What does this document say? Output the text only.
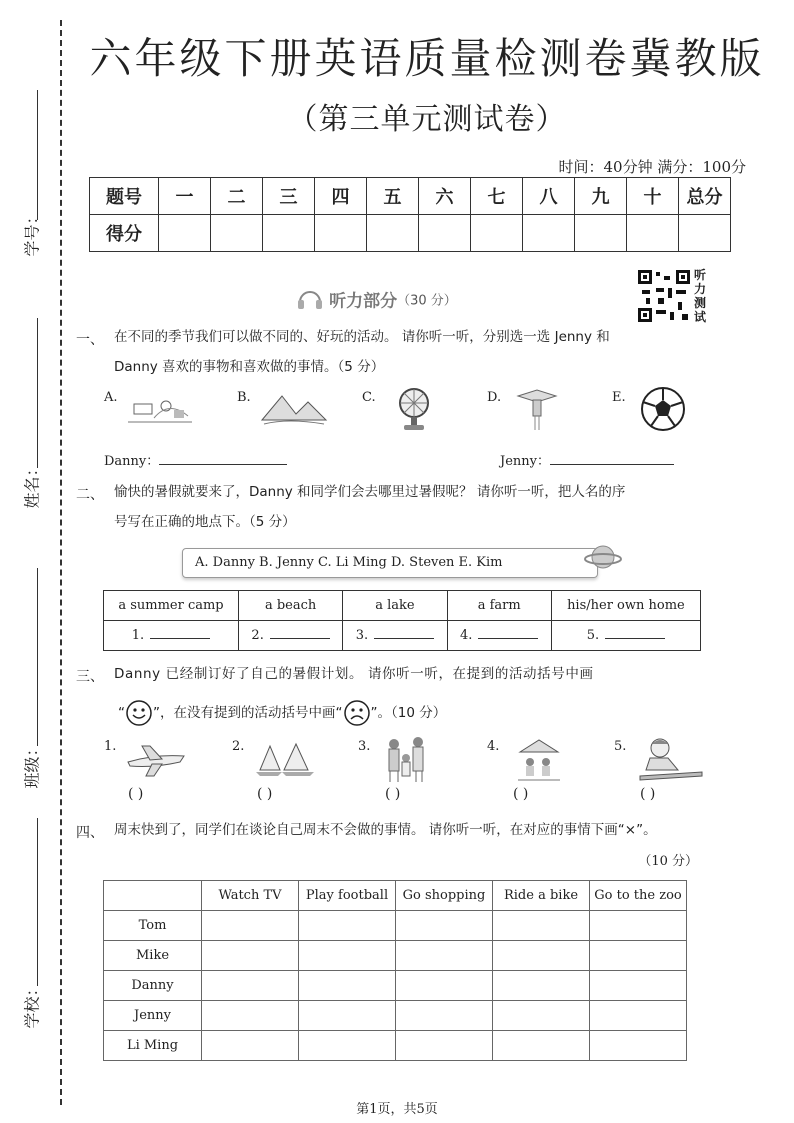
学号：
姓名：
班级：
学校：
六年级下册英语质量检测卷冀教版
（第三单元测试卷）
时间：40分钟 满分：100分
题号	一	二	三	四	五	六	七	八	九	十	总分
得分											
听力部分（30 分）
听力测试
一、 在不同的季节我们可以做不同的、好玩的活动。 请你听一听，分别选一选 Jenny 和
Danny 喜欢的事物和喜欢做的事情。（5 分）
A.	B.	C.	D.	E.
Danny：	Jenny：
二、 愉快的暑假就要来了，Danny 和同学们会去哪里过暑假呢？ 请你听一听，把人名的序
号写在正确的地点下。（5 分）
A. Danny B. Jenny C. Li Ming D. Steven E. Kim
a summer camp	a beach	a lake	a farm	his/her own home
1.	2.	3.	4.	5.
三、 Danny 已经制订好了自己的暑假计划。 请你听一听，在提到的活动括号中画
“ ”，在没有提到的活动括号中画“ ”。（10 分）
1.	2.	3.	4.	5.
( )	( )	( )	( )	( )
四、 周末快到了，同学们在谈论自己周末不会做的事情。 请你听一听，在对应的事情下画“×”。
（10 分）
	Watch TV	Play football	Go shopping	Ride a bike	Go to the zoo
Tom					
Mike					
Danny					
Jenny					
Li Ming					
第1页，共5页
